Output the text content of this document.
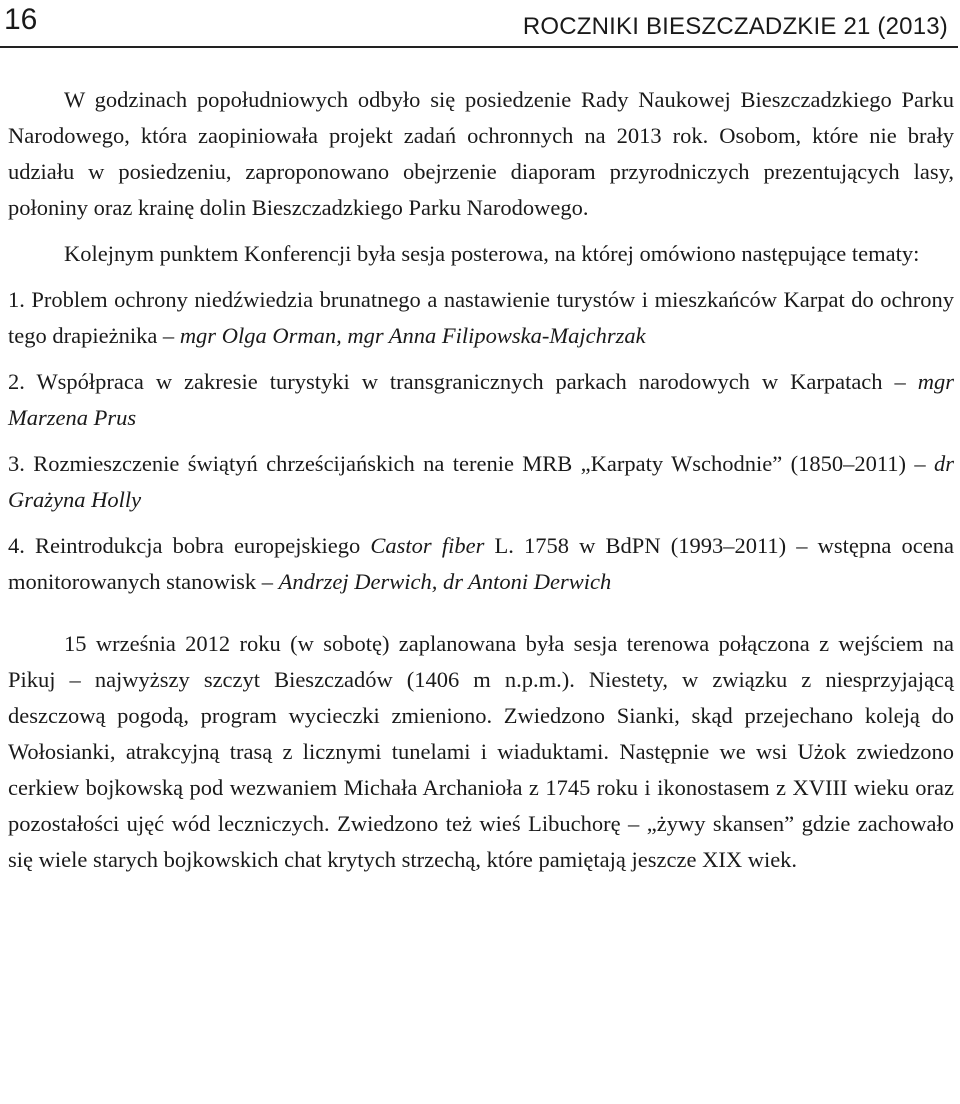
16	ROCZNIKI BIESZCZADZKIE 21 (2013)

W godzinach popołudniowych odbyło się posiedzenie Rady Naukowej Bieszczadzkiego Parku Narodowego, która zaopiniowała projekt zadań ochronnych na 2013 rok. Osobom, które nie brały udziału w posiedzeniu, zaproponowano obejrzenie diaporam przyrodniczych prezentujących lasy, połoniny oraz krainę dolin Bieszczadzkiego Parku Narodowego.

Kolejnym punktem Konferencji była sesja posterowa, na której omówiono następujące tematy:

1. Problem ochrony niedźwiedzia brunatnego a nastawienie turystów i mieszkańców Karpat do ochrony tego drapieżnika – mgr Olga Orman, mgr Anna Filipowska-Majchrzak
2. Współpraca w zakresie turystyki w transgranicznych parkach narodowych w Karpatach – mgr Marzena Prus
3. Rozmieszczenie świątyń chrześcijańskich na terenie MRB „Karpaty Wschodnie” (1850–2011) – dr Grażyna Holly
4. Reintrodukcja bobra europejskiego Castor fiber L. 1758 w BdPN (1993–2011) – wstępna ocena monitorowanych stanowisk – Andrzej Derwich, dr Antoni Derwich

15 września 2012 roku (w sobotę) zaplanowana była sesja terenowa połączona z wejściem na Pikuj – najwyższy szczyt Bieszczadów (1406 m n.p.m.). Niestety, w związku z niesprzyjającą deszczową pogodą, program wycieczki zmieniono. Zwiedzono Sianki, skąd przejechano koleją do Wołosianki, atrakcyjną trasą z licznymi tunelami i wiaduktami. Następnie we wsi Użok zwiedzono cerkiew bojkowską pod wezwaniem Michała Archanioła z 1745 roku i ikonostasem z XVIII wieku oraz pozostałości ujęć wód leczniczych. Zwiedzono też wieś Libuchorę – „żywy skansen” gdzie zachowało się wiele starych bojkowskich chat krytych strzechą, które pamiętają jeszcze XIX wiek.
